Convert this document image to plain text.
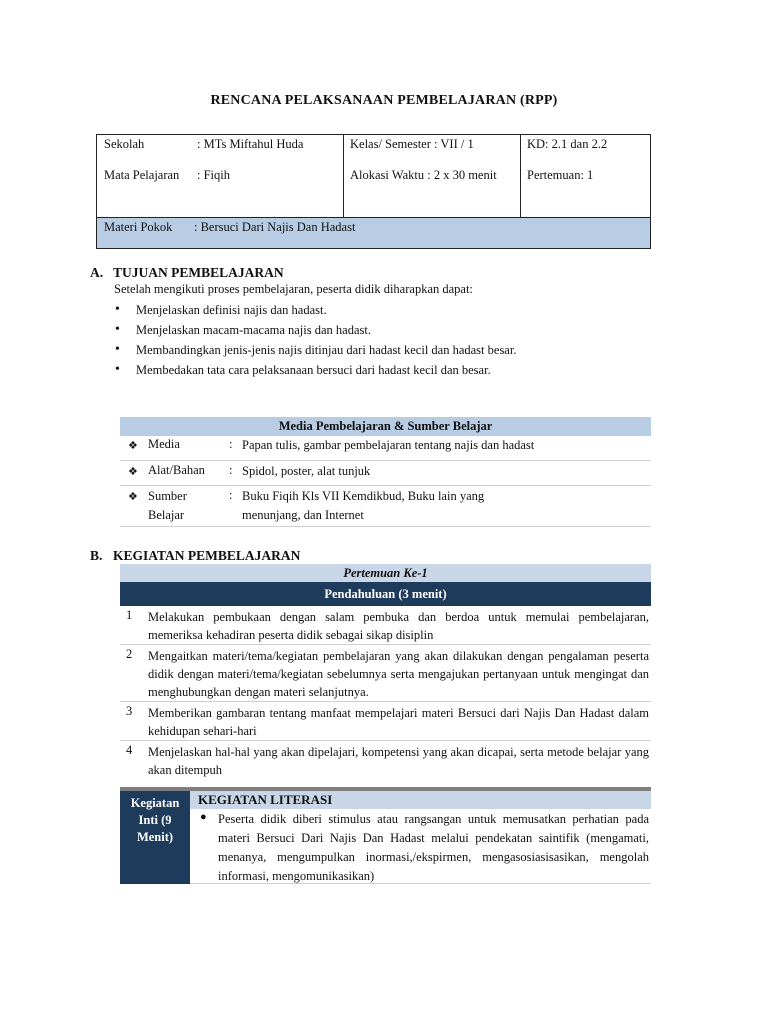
RENCANA PELAKSANAAN PEMBELAJARAN (RPP)
Sekolah	: MTs Miftahul Huda
Mata Pelajaran : Fiqih
Kelas/ Semester : VII / 1
Alokasi Waktu : 2 x 30 menit
KD: 2.1 dan 2.2
Pertemuan: 1
Materi Pokok : Bersuci Dari Najis Dan Hadast
A. TUJUAN PEMBELAJARAN
Setelah mengikuti proses pembelajaran, peserta didik diharapkan dapat:
• Menjelaskan definisi najis dan hadast.
• Menjelaskan macam-macama najis dan hadast.
• Membandingkan jenis-jenis najis ditinjau dari hadast kecil dan hadast besar.
• Membedakan tata cara pelaksanaan bersuci dari hadast kecil dan besar.
Media Pembelajaran & Sumber Belajar
❖ Media	: Papan tulis, gambar pembelajaran tentang najis dan hadast
❖ Alat/Bahan : Spidol, poster, alat tunjuk
❖ Sumber Belajar
: Buku Fiqih Kls VII Kemdikbud, Buku lain yang menunjang, dan Internet
B. KEGIATAN PEMBELAJARAN
Pertemuan Ke-1
Pendahuluan (3 menit)
1 Melakukan pembukaan dengan salam pembuka dan berdoa untuk memulai pembelajaran, memeriksa kehadiran peserta didik sebagai sikap disiplin
2 Mengaitkan materi/tema/kegiatan pembelajaran yang akan dilakukan dengan pengalaman peserta didik dengan materi/tema/kegiatan sebelumnya serta mengajukan pertanyaan untuk mengingat dan menghubungkan dengan materi selanjutnya.
3 Memberikan gambaran tentang manfaat mempelajari materi Bersuci dari Najis Dan Hadast dalam kehidupan sehari-hari
4 Menjelaskan hal-hal yang akan dipelajari, kompetensi yang akan dicapai, serta metode belajar yang akan ditempuh
Kegiatan Inti (9 Menit)
KEGIATAN LITERASI
● Peserta didik diberi stimulus atau rangsangan untuk memusatkan perhatian pada materi Bersuci Dari Najis Dan Hadast melalui pendekatan saintifik (mengamati, menanya, mengumpulkan inormasi,/ekspirmen, mengasosiasisasikan, mengolah informasi, mengomunikasikan)
